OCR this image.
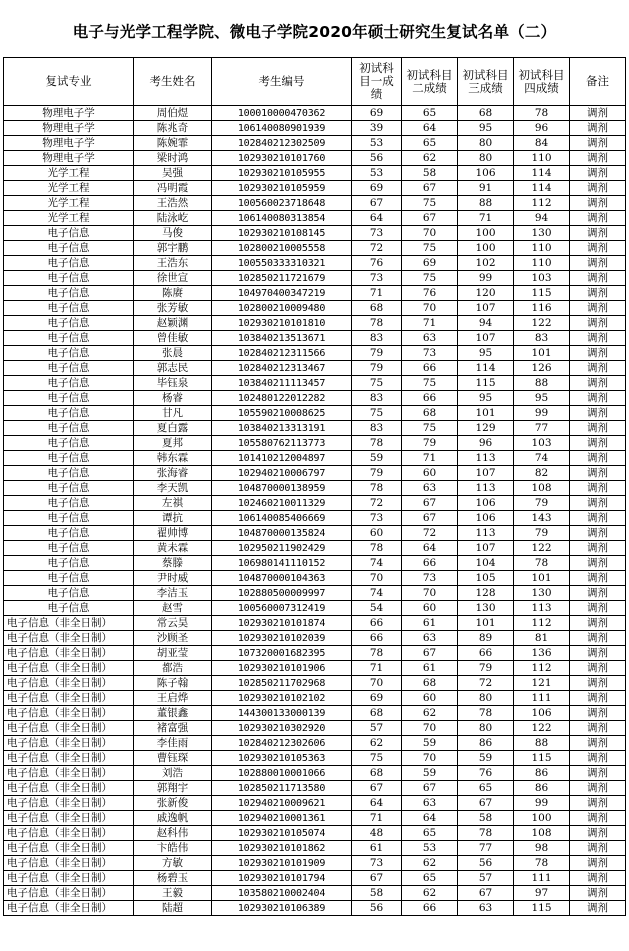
电子与光学工程学院、微电子学院2020年硕士研究生复试名单（二）
复试专业	考生姓名	考生编号	初试科目一成绩	初试科目二成绩	初试科目三成绩	初试科目四成绩	备注
物理电子学	周伯煜	100010000470362	69	65	68	78	调剂
物理电子学	陈兆奇	106140080901939	39	64	95	96	调剂
物理电子学	陈婉霏	102840212302509	53	65	80	84	调剂
物理电子学	梁时鸿	102930210101760	56	62	80	110	调剂
光学工程	吴强	102930210105955	53	58	106	114	调剂
光学工程	冯明霞	102930210105959	69	67	91	114	调剂
光学工程	王浩然	100560023718648	67	75	88	112	调剂
光学工程	陆泳屹	106140080313854	64	67	71	94	调剂
电子信息	马俊	102930210108145	73	70	100	130	调剂
电子信息	郭宇鹏	102800210005558	72	75	100	110	调剂
电子信息	王浩东	100550333310321	76	69	102	110	调剂
电子信息	徐世宣	102850211721679	73	75	99	103	调剂
电子信息	陈赓	104970400347219	71	76	120	115	调剂
电子信息	张芳敏	102800210009480	68	70	107	116	调剂
电子信息	赵颖渊	102930210101810	78	71	94	122	调剂
电子信息	曾佳敏	103840213513671	83	63	107	83	调剂
电子信息	张晨	102840212311566	79	73	95	101	调剂
电子信息	郭志民	102840212313467	79	66	114	126	调剂
电子信息	毕钰泉	103840211113457	75	75	115	88	调剂
电子信息	杨睿	102480122012282	83	66	95	95	调剂
电子信息	甘凡	105590210008625	75	68	101	99	调剂
电子信息	夏白露	103840213313191	83	75	129	77	调剂
电子信息	夏邦	105580762113773	78	79	96	103	调剂
电子信息	韩东霖	101410212004897	59	71	113	74	调剂
电子信息	张海睿	102940210006797	79	60	107	82	调剂
电子信息	李天凯	104870000138959	78	63	113	108	调剂
电子信息	左祺	102460210011329	72	67	106	79	调剂
电子信息	谭抗	106140085406669	73	67	106	143	调剂
电子信息	翟帅博	104870000135824	60	72	113	79	调剂
电子信息	黄未霖	102950211902429	78	64	107	122	调剂
电子信息	蔡滕	106980141110152	74	66	104	78	调剂
电子信息	尹时威	104870000104363	70	73	105	101	调剂
电子信息	李洁玉	102880500009997	74	70	128	130	调剂
电子信息	赵雪	100560007312419	54	60	130	113	调剂
电子信息（非全日制）	常云昊	102930210101874	66	61	101	112	调剂
电子信息（非全日制）	沙顾圣	102930210102039	66	63	89	81	调剂
电子信息（非全日制）	胡亚莹	107320001682395	78	67	66	136	调剂
电子信息（非全日制）	都浩	102930210101906	71	61	79	112	调剂
电子信息（非全日制）	陈子翰	102850211702968	70	68	72	121	调剂
电子信息（非全日制）	王启烨	102930210102102	69	60	80	111	调剂
电子信息（非全日制）	董银鑫	144300133000139	68	62	78	106	调剂
电子信息（非全日制）	褚富强	102930210302920	57	70	80	122	调剂
电子信息（非全日制）	李佳雨	102840212302606	62	59	86	88	调剂
电子信息（非全日制）	曹钰琛	102930210105363	75	70	59	115	调剂
电子信息（非全日制）	刘浩	102880010001066	68	59	76	86	调剂
电子信息（非全日制）	郭翔宇	102850211713580	67	67	65	86	调剂
电子信息（非全日制）	张新俊	102940210009621	64	63	67	99	调剂
电子信息（非全日制）	戚逸帆	102940210001361	71	64	58	100	调剂
电子信息（非全日制）	赵科伟	102930210105074	48	65	78	108	调剂
电子信息（非全日制）	卞皓伟	102930210101862	61	53	77	98	调剂
电子信息（非全日制）	方敏	102930210101909	73	62	56	78	调剂
电子信息（非全日制）	杨碧玉	102930210101794	67	65	57	111	调剂
电子信息（非全日制）	王毅	103580210002404	58	62	67	97	调剂
电子信息（非全日制）	陆超	102930210106389	56	66	63	115	调剂
